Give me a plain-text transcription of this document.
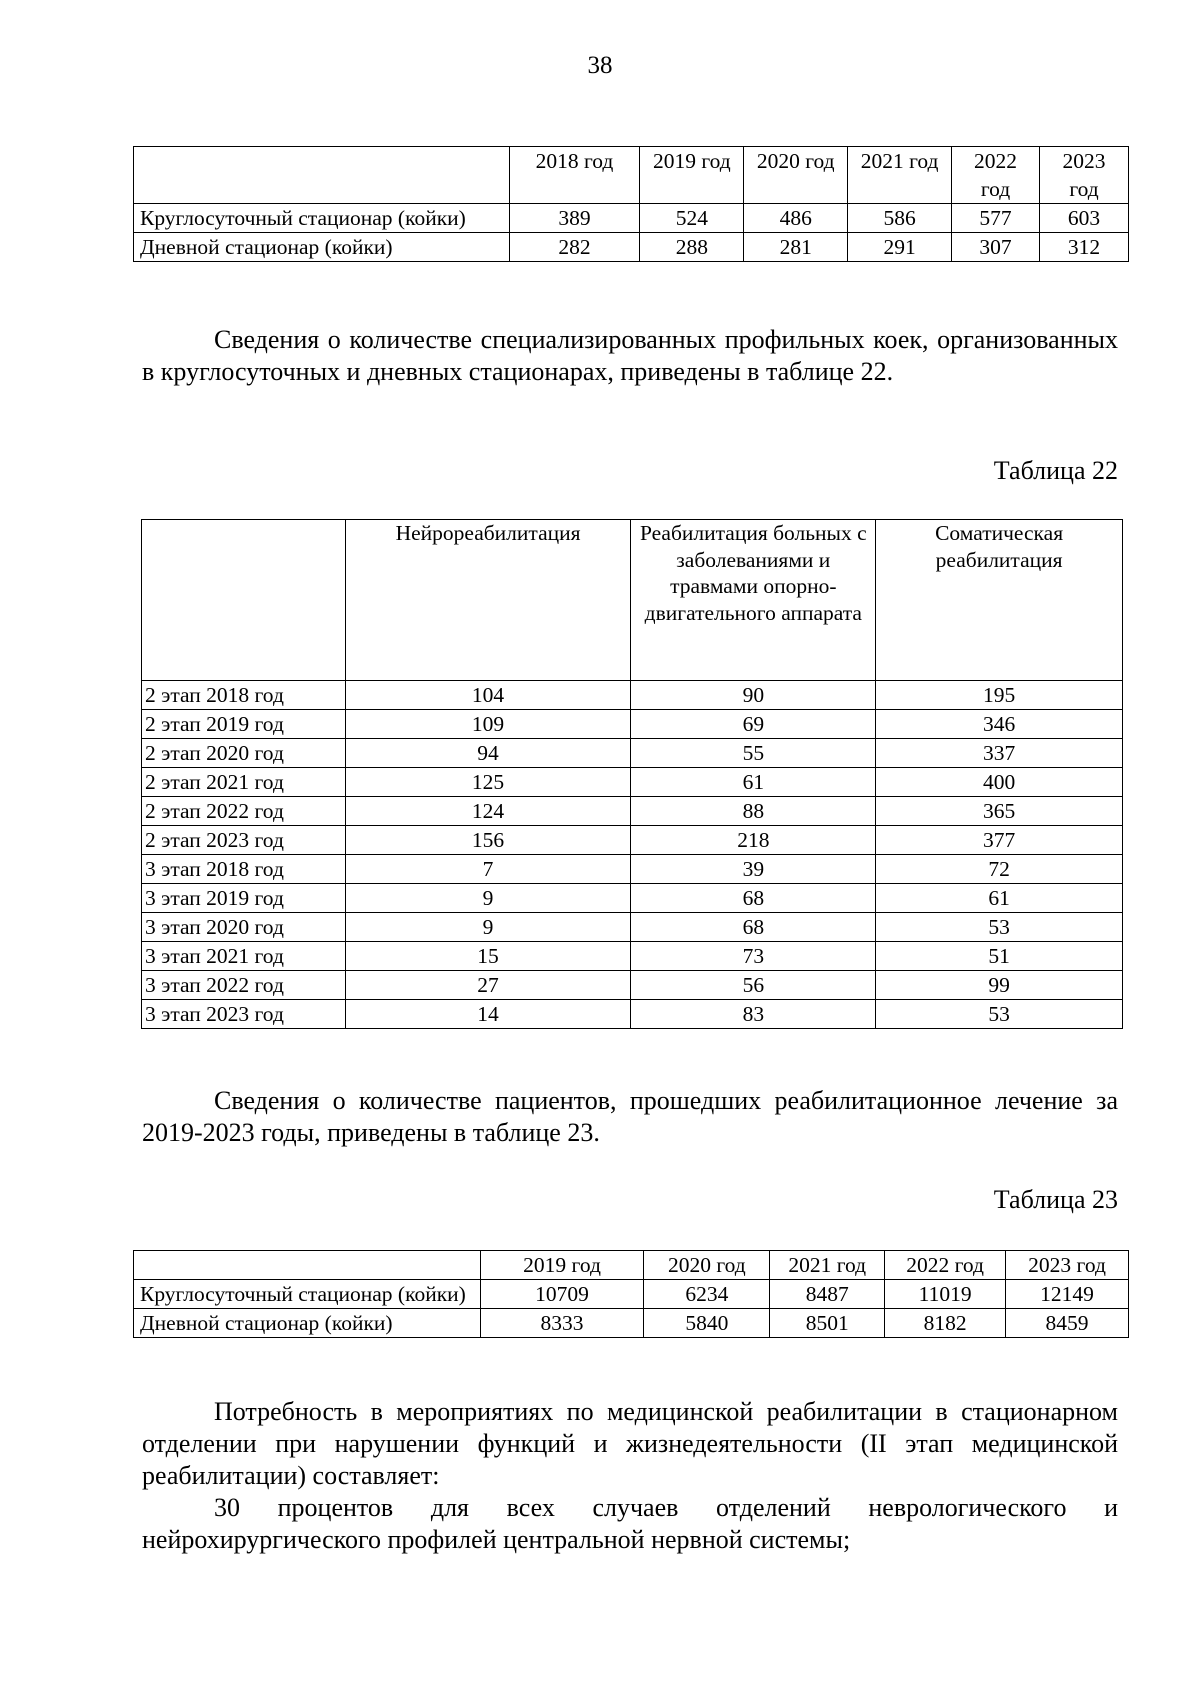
38
	2018 год	2019 год	2020 год	2021 год	2022 год	2023 год
Круглосуточный стационар (койки)	389	524	486	586	577	603
Дневной стационар (койки)	282	288	281	291	307	312
Сведения о количестве специализированных профильных коек, организованных в круглосуточных и дневных стационарах, приведены в таблице 22.
Таблица 22
	Нейрореабилитация	Реабилитация больных с заболеваниями и травмами опорно-двигательного аппарата	Соматическая реабилитация
2 этап 2018 год	104	90	195
2 этап 2019 год	109	69	346
2 этап 2020 год	94	55	337
2 этап 2021 год	125	61	400
2 этап 2022 год	124	88	365
2 этап 2023 год	156	218	377
3 этап 2018 год	7	39	72
3 этап 2019 год	9	68	61
3 этап 2020 год	9	68	53
3 этап 2021 год	15	73	51
3 этап 2022 год	27	56	99
3 этап 2023 год	14	83	53
Сведения о количестве пациентов, прошедших реабилитационное лечение за 2019-2023 годы, приведены в таблице 23.
Таблица 23
	2019 год	2020 год	2021 год	2022 год	2023 год
Круглосуточный стационар (койки)	10709	6234	8487	11019	12149
Дневной стационар (койки)	8333	5840	8501	8182	8459
Потребность в мероприятиях по медицинской реабилитации в стационарном отделении при нарушении функций и жизнедеятельности (II этап медицинской реабилитации) составляет:
30 процентов для всех случаев отделений неврологического и нейрохирургического профилей центральной нервной системы;
